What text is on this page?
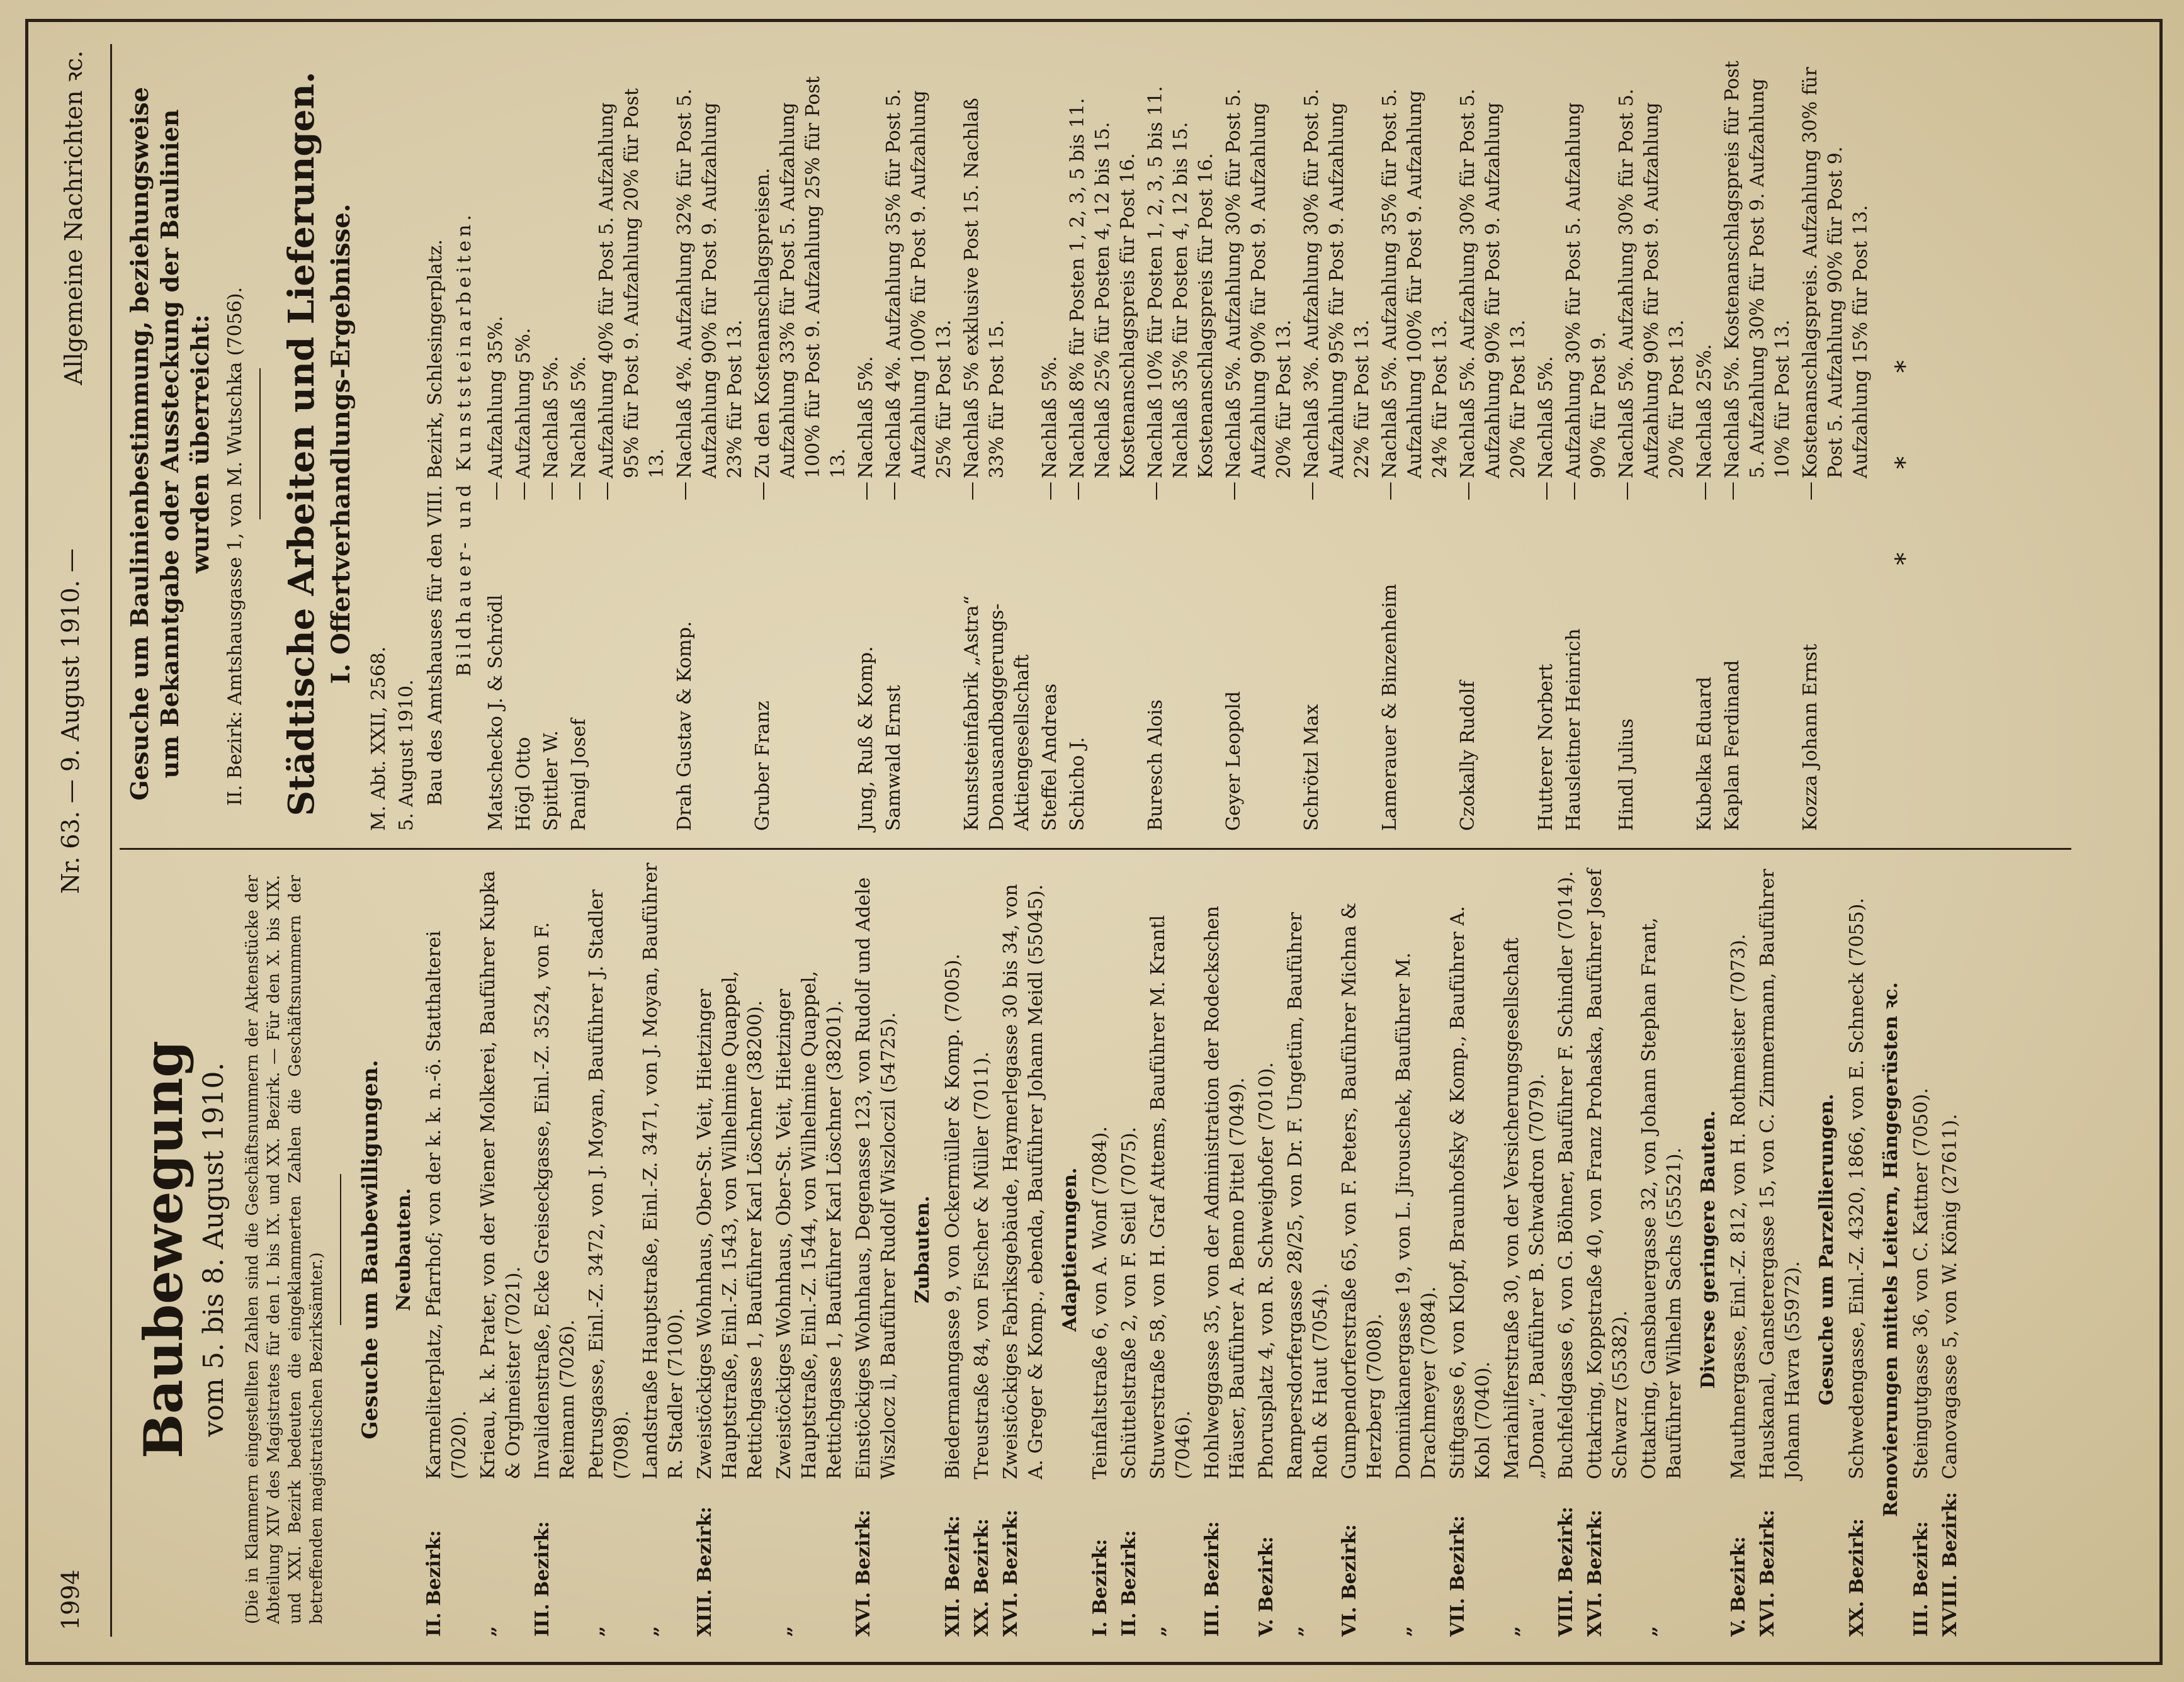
1994
Nr. 63. — 9. August 1910. —
Allgemeine Nachrichten ꝛc.
Baubewegung vom 5. bis 8. August 1910. (Die in Klammern eingestellten Zahlen sind die Geschäftsnummern der Aktenstücke der Abteilung XIV des Magistrates für den I. bis IX. und XX. Bezirk. — Für den X. bis XIX. und XXI. Bezirk bedeuten die eingeklammerten Zahlen die Geschäftsnummern der betreffenden magistratischen Bezirksämter.) Gesuche um Baubewilligungen. Neubauten.
II. Bezirk:
Karmeliterplatz, Pfarrhof; von der k. k. n.-ö. Statthalterei (7020).
„
Krieau, k. k. Prater, von der Wiener Molkerei, Bauführer Kupka & Orglmeister (7021).
III. Bezirk:
Invalidenstraße, Ecke Greiseckgasse, Einl.-Z. 3524, von F. Reimann (7026).
„
Petrusgasse, Einl.-Z. 3472, von J. Moyan, Bauführer J. Stadler (7098).
„
Landstraße Hauptstraße, Einl.-Z. 3471, von J. Moyan, Bauführer R. Stadler (7100).
XIII. Bezirk:
Zweistöckiges Wohnhaus, Ober-St. Veit, Hietzinger Hauptstraße, Einl.-Z. 1543, von Wilhelmine Quappel, Rettichgasse 1, Bauführer Karl Löschner (38200).
„
Zweistöckiges Wohnhaus, Ober-St. Veit, Hietzinger Hauptstraße, Einl.-Z. 1544, von Wilhelmine Quappel, Rettichgasse 1, Bauführer Karl Löschner (38201).
XVI. Bezirk:
Einstöckiges Wohnhaus, Degenasse 123, von Rudolf und Adele Wiszlocz il, Bauführer Rudolf Wiszloczil (54725). Zubauten.
XII. Bezirk:
Biedermanngasse 9, von Ockermüller & Komp. (7005).
XX. Bezirk:
Treustraße 84, von Fischer & Müller (7011).
XVI. Bezirk:
Zweistöckiges Fabriksgebäude, Haymerlegasse 30 bis 34, von A. Greger & Komp., ebenda, Bauführer Johann Meidl (55045). Adaptierungen.
I. Bezirk:
Teinfaltstraße 6, von A. Wonf (7084).
II. Bezirk:
Schüttelstraße 2, von F. Seitl (7075).
„
Stuwerstraße 58, von H. Graf Attems, Bauführer M. Krantl (7046).
III. Bezirk:
Hohlweggasse 35, von der Administration der Rodeckschen Häuser, Bauführer A. Benno Pittel (7049).
V. Bezirk:
Phorusplatz 4, von R. Schweighofer (7010).
„
Rampersdorfergasse 28/25, von Dr. F. Ungetüm, Bauführer Roth & Haut (7054).
VI. Bezirk:
Gumpendorferstraße 65, von F. Peters, Bauführer Michna & Herzberg (7008).
„
Dominikanergasse 19, von L. Jirouschek, Bauführer M. Drachmeyer (7084).
VII. Bezirk:
Stiftgasse 6, von Klopf, Braunhofsky & Komp., Bauführer A. Kobl (7040).
„
Mariahilferstraße 30, von der Versicherungsgesellschaft „Donau“, Bauführer B. Schwadron (7079).
VIII. Bezirk:
Buchfeldgasse 6, von G. Böhner, Bauführer F. Schindler (7014).
XVI. Bezirk:
Ottakring, Koppstraße 40, von Franz Prohaska, Bauführer Josef Schwarz (55382).
„
Ottakring, Gansbauergasse 32, von Johann Stephan Frant, Bauführer Wilhelm Sachs (55521). Diverse geringere Bauten.
V. Bezirk:
Mauthnergasse, Einl.-Z. 812, von H. Rothmeister (7073).
XVI. Bezirk:
Hauskanal, Gansterergasse 15, von C. Zimmermann, Bauführer Johann Havra (55972). Gesuche um Parzellierungen.
XX. Bezirk:
Schwedengasse, Einl.-Z. 4320, 1866, von E. Schneck (7055). Renovierungen mittels Leitern, Hängegerüsten ꝛc.
III. Bezirk:
Steingutgasse 36, von C. Kattner (7050).
XVIII. Bezirk:
Canovagasse 5, von W. König (27611).
Gesuche um Baulinienbestimmung, beziehungsweise um Bekanntgabe oder Aussteckung der Baulinien wurden überreicht: II. Bezirk: Amtshausgasse 1, von M. Wutschka (7056). Städtische Arbeiten und Lieferungen. I. Offertverhandlungs-Ergebnisse.
M. Abt. XXII, 2568. 5. August 1910. Bau des Amtshauses für den VIII. Bezirk, Schlesingerplatz. Bildhauer- und Kunststeinarbeiten.
Matschecko J. & Schrödl
—
Aufzahlung 35%.
Högl Otto
—
Aufzahlung 5%.
Spittler W.
—
Nachlaß 5%.
Panigl Josef
—
Nachlaß 5%.
—
Aufzahlung 40% für Post 5. Aufzahlung 95% für Post 9. Aufzahlung 20% für Post 13.
Drah Gustav & Komp.
—
Nachlaß 4%. Aufzahlung 32% für Post 5. Aufzahlung 90% für Post 9. Aufzahlung 23% für Post 13.
Gruber Franz
—
Zu den Kostenanschlagspreisen. Aufzahlung 33% für Post 5. Aufzahlung 100% für Post 9. Aufzahlung 25% für Post 13.
Jung, Ruß & Komp.
—
Nachlaß 5%.
Samwald Ernst
—
Nachlaß 4%. Aufzahlung 35% für Post 5. Aufzahlung 100% für Post 9. Aufzahlung 25% für Post 13.
Kunststeinfabrik „Astra“ Donausandbaggerungs-Aktiengesellschaft
—
Nachlaß 5% exklusive Post 15. Nachlaß 33% für Post 15.
Steffel Andreas
—
Nachlaß 5%.
Schicho J.
—
Nachlaß 8% für Posten 1, 2, 3, 5 bis 11. Nachlaß 25% für Posten 4, 12 bis 15. Kostenanschlagspreis für Post 16.
Buresch Alois
—
Nachlaß 10% für Posten 1, 2, 3, 5 bis 11. Nachlaß 35% für Posten 4, 12 bis 15. Kostenanschlagspreis für Post 16.
Geyer Leopold
—
Nachlaß 5%. Aufzahlung 30% für Post 5. Aufzahlung 90% für Post 9. Aufzahlung 20% für Post 13.
Schrötzl Max
—
Nachlaß 3%. Aufzahlung 30% für Post 5. Aufzahlung 95% für Post 9. Aufzahlung 22% für Post 13.
Lamerauer & Binzenheim
—
Nachlaß 5%. Aufzahlung 35% für Post 5. Aufzahlung 100% für Post 9. Aufzahlung 24% für Post 13.
Czokally Rudolf
—
Nachlaß 5%. Aufzahlung 30% für Post 5. Aufzahlung 90% für Post 9. Aufzahlung 20% für Post 13.
Hutterer Norbert
—
Nachlaß 5%.
Hausleitner Heinrich
—
Aufzahlung 30% für Post 5. Aufzahlung 90% für Post 9.
Hindl Julius
—
Nachlaß 5%. Aufzahlung 30% für Post 5. Aufzahlung 90% für Post 9. Aufzahlung 20% für Post 13.
Kubelka Eduard
—
Nachlaß 25%.
Kaplan Ferdinand
—
Nachlaß 5%. Kostenanschlagspreis für Post 5. Aufzahlung 30% für Post 9. Aufzahlung 10% für Post 13.
Kozza Johann Ernst
—
Kostenanschlagspreis. Aufzahlung 30% für Post 5. Aufzahlung 90% für Post 9. Aufzahlung 15% für Post 13. * * *
